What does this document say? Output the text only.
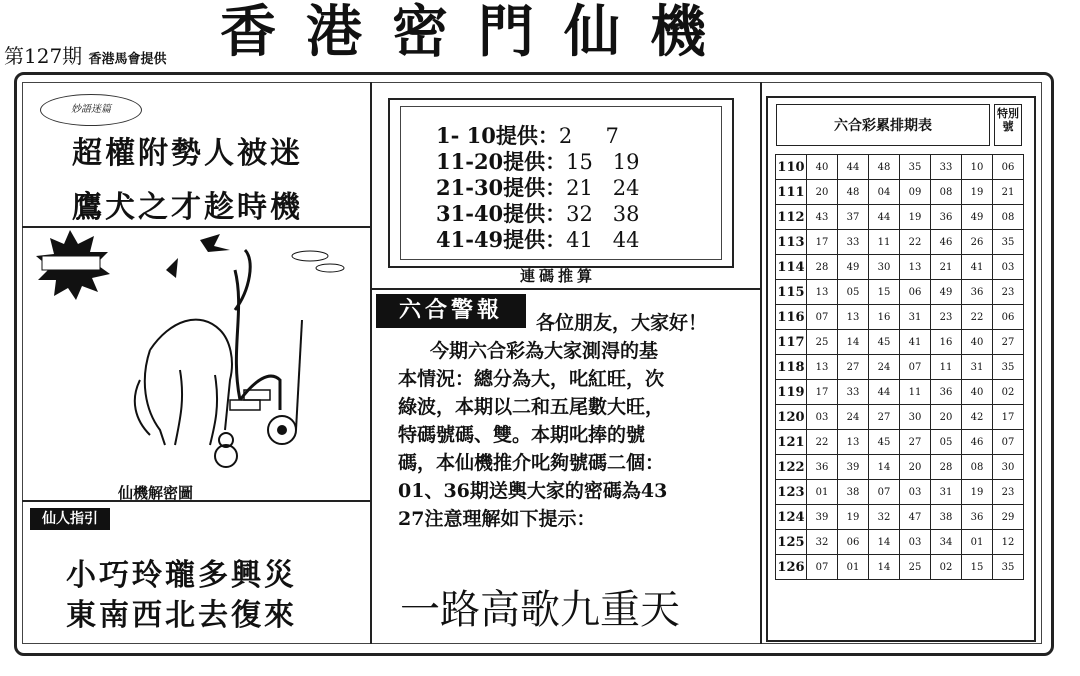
第127期 香港馬會提供 香港密門仙機
妙語迷篇
超權附勢人被迷
鷹犬之才趁時機
仙機解密圖
仙人指引
小巧玲瓏多興災
東南西北去復來
1- 10提供：2 7
11-20提供：15 19
21-30提供：21 24
31-40提供：32 38
41-49提供：41 44
連碼推算
六合警報	各位朋友，大家好！
今期六合彩為大家測淂的基
本情況：總分為大，叱紅旺，次
綠波，本期以二和五尾數大旺，
特碼號碼、雙。本期叱捧的號
碼，本仙機推介叱夠號碼二個：
01、36期送輿大家的密碼為43
27注意理解如下提示：
一路高歌九重天
六合彩累排期表
特別號
110	40	44	48	35	33	10	06
111	20	48	04	09	08	19	21
112	43	37	44	19	36	49	08
113	17	33	11	22	46	26	35
114	28	49	30	13	21	41	03
115	13	05	15	06	49	36	23
116	07	13	16	31	23	22	06
117	25	14	45	41	16	40	27
118	13	27	24	07	11	31	35
119	17	33	44	11	36	40	02
120	03	24	27	30	20	42	17
121	22	13	45	27	05	46	07
122	36	39	14	20	28	08	30
123	01	38	07	03	31	19	23
124	39	19	32	47	38	36	29
125	32	06	14	03	34	01	12
126	07	01	14	25	02	15	35
